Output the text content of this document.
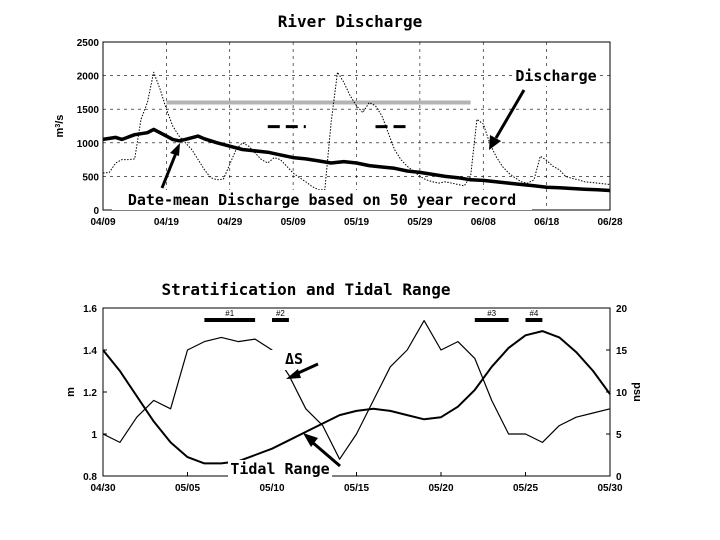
River Discharge
04/09	04/19	04/29	05/09	05/19	05/29	06/08	06/18	06/28
0
500
1000
1500
2000
2500
$m^3/s$
Discharge
Date-mean Discharge based on 50 year record
Stratification and Tidal Range
04/30	05/05	05/10	05/15	05/20	05/25	05/30
0.8
1
1.2
1.4
1.6
0
5
10
15
20
m	psu
#1	#2	#3	#4
ΔS
Tidal Range
